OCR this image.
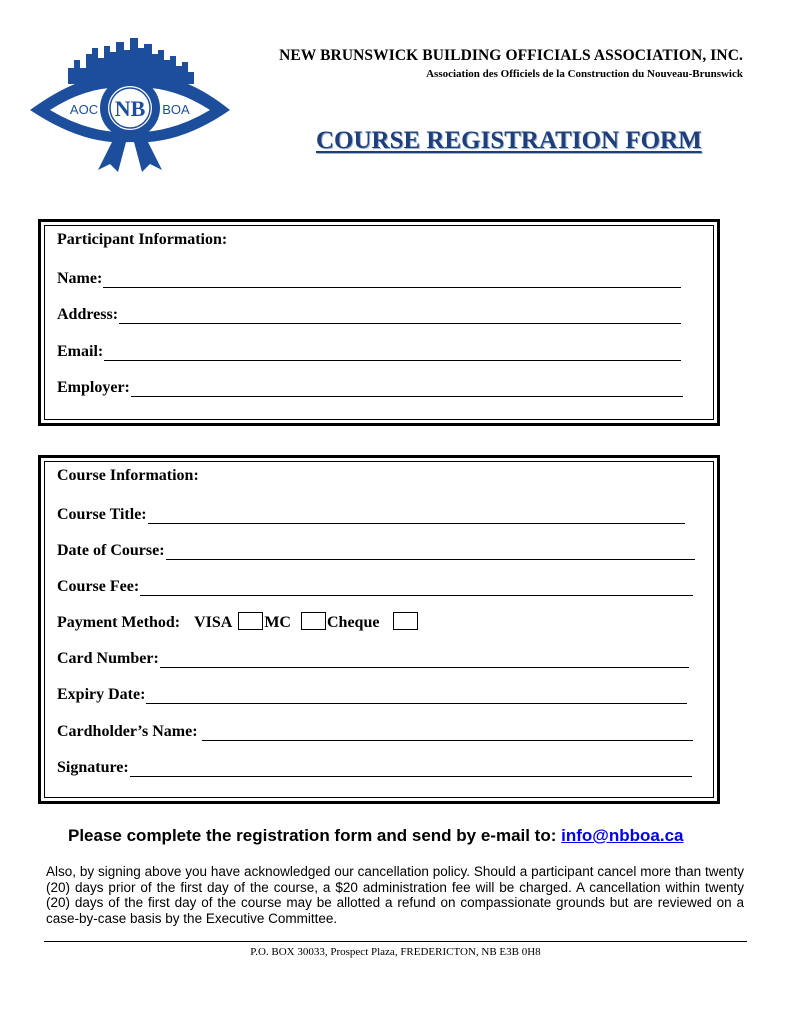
NB
AOC	BOA
NEW BRUNSWICK BUILDING OFFICIALS ASSOCIATION, INC.
Association des Officiels de la Construction du Nouveau-Brunswick
COURSE REGISTRATION FORM
Participant Information:
Name:
Address:
Email:
Employer:
Course Information:
Course Title:
Date of Course:
Course Fee:
Payment Method: VISA MC Cheque
Card Number:
Expiry Date:
Cardholder’s Name:
Signature:
Please complete the registration form and send by e-mail to: info@nbboa.ca
Also, by signing above you have acknowledged our cancellation policy. Should a participant cancel more than twenty (20) days prior of the first day of the course, a $20 administration fee will be charged. A cancellation within twenty (20) days of the first day of the course may be allotted a refund on compassionate grounds but are reviewed on a case-by-case basis by the Executive Committee.
P.O. BOX 30033, Prospect Plaza, FREDERICTON, NB E3B 0H8
